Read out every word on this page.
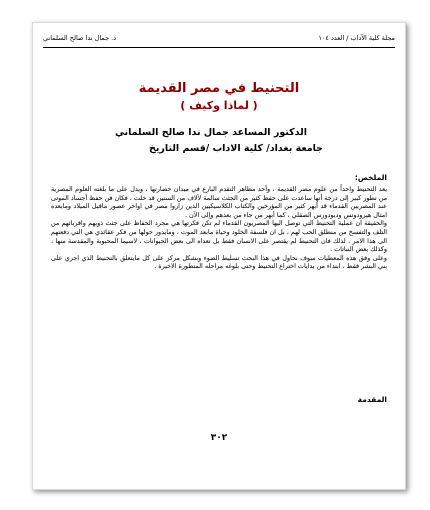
مجلة كلية الآداب / العدد ١٠٤
د. جمال ندا صالح السلماني
التحنيط في مصر القديمة
( لماذا وكيف )
الدكتور المساعد جمال ندا صالح السلماني
جامعة بغداد/ كلية الاداب /قسم التاريخ
الملخص:

يعد التحنيط واحداً من علوم مصر القديمة ، وأحد مظاهر التقدم البارع في ميدان حضارتها ، ويدل على ما بلغته العلوم المصرية من تطور كبير إلى درجة أنها ساعدت على حفظ كثير من الجثث سالمة لآلاف من السنين قد خلت ، فكان فن حفظ أجساد الموتى عند المصريين القدماء قد أبهر كثير من المؤرخين والكتاب الكلاسيكيين الذين زاروا مصر في اواخر عصور ماقبل الميلاد ومابعده امثال هيرودوتس وديودورس الصقلي ، كما أبهر من جاء من بعدهم وإلى الآن .

والحقيقة ان عملية التحنيط التي توصل اليها المصريون القدماء لم تكن فكرتها هي مجرد الحفاظ على جثث ذويهم واقربائهم من التلف والتفسخ من منطلق الحب لهم ، بل ان فلسفة الخلود وحياة مابعد الموت ، ومايدور حولها من فكر عقائدي هي التي دفعتهم الى هذا الامر ، لذلك فان التحنيط لم يقتصر على الانسان فقط بل تعداه الى بعض الحيوانات ، لاسيما المحبوبة والمقدسة منها ، وكذلك بعض النباتات .

وعلى وفق هذه المعطيات سوف نحاول في هذا البحث تسليط الضوء وبشكل مركز على كل مايتعلق بالتحنيط الذي اجري على بني البشر فقط ، ابتداء من بدايات اختراع التحنيط وحتى بلوغه مراحله المتطورة الاخيرة .

المقدمة
٣٠٢
